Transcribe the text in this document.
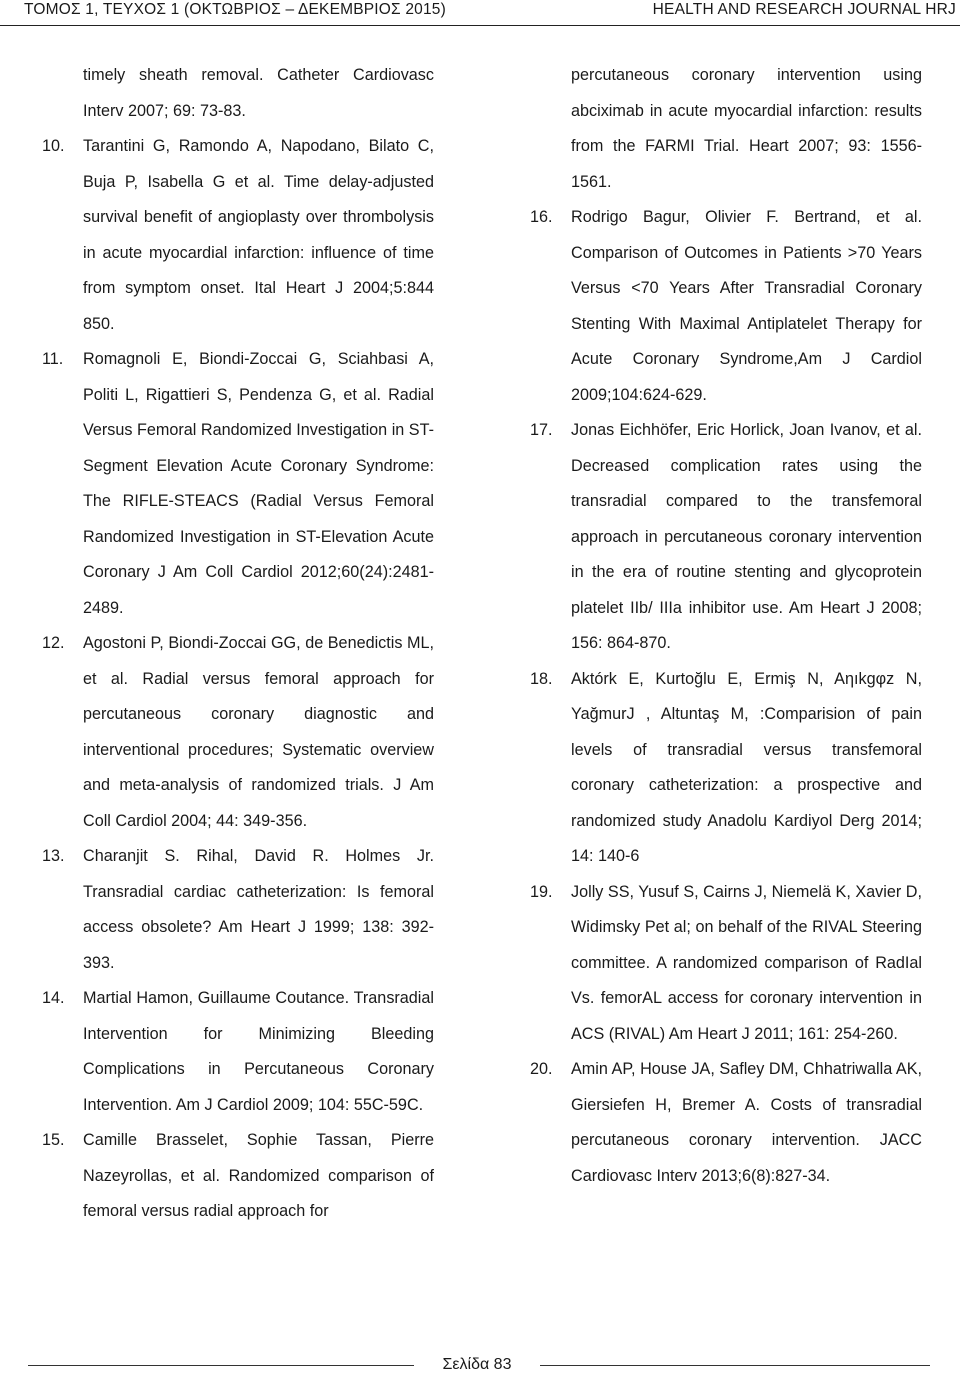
ΤΟΜΟΣ 1, ΤΕΥΧΟΣ 1 (ΟΚΤΩΒΡΙΟΣ – ΔΕΚΕΜΒΡΙΟΣ 2015)	HEALTH AND RESEARCH JOURNAL HRJ

timely sheath removal. Catheter Cardiovasc Interv 2007; 69: 73-83.

10. Tarantini G, Ramondo A, Napodano, Bilato C, Buja P, Isabella G et al. Time delay-adjusted survival benefit of angioplasty over thrombolysis in acute myocardial infarction: influence of time from symptom onset. Ital Heart J 2004;5:844 850.
11. Romagnoli E, Biondi-Zoccai G, Sciahbasi A, Politi L, Rigattieri S, Pendenza G, et al. Radial Versus Femoral Randomized Investigation in ST-Segment Elevation Acute Coronary Syndrome: The RIFLE-STEACS (Radial Versus Femoral Randomized Investigation in ST-Elevation Acute Coronary J Am Coll Cardiol 2012;60(24):2481-2489.
12. Agostoni P, Biondi-Zoccai GG, de Benedictis ML, et al. Radial versus femoral approach for percutaneous coronary diagnostic and interventional procedures; Systematic overview and meta-analysis of randomized trials. J Am Coll Cardiol 2004; 44: 349-356.
13. Charanjit S. Rihal, David R. Holmes Jr. Transradial cardiac catheterization: Is femoral access obsolete? Am Heart J 1999; 138: 392-393.
14. Martial Hamon, Guillaume Coutance. Transradial Intervention for Minimizing Bleeding Complications in Percutaneous Coronary Intervention. Am J Cardiol 2009; 104: 55C-59C.
15. Camille Brasselet, Sophie Tassan, Pierre Nazeyrollas, et al. Randomized comparison of femoral versus radial approach for

percutaneous coronary intervention using abciximab in acute myocardial infarction: results from the FARMI Trial. Heart 2007; 93: 1556-1561.

16. Rodrigo Bagur, Olivier F. Bertrand, et al. Comparison of Outcomes in Patients >70 Years Versus <70 Years After Transradial Coronary Stenting With Maximal Antiplatelet Therapy for Acute Coronary Syndrome,Am J Cardiol 2009;104:624-629.
17. Jonas Eichhöfer, Eric Horlick, Joan Ivanov, et al. Decreased complication rates using the transradial compared to the transfemoral approach in percutaneous coronary intervention in the era of routine stenting and glycoprotein platelet IIb/ IIIa inhibitor use. Am Heart J 2008; 156: 864-870.
18. Aktórk E, Kurtoğlu E, Ermiş N, Aηıkgφz N, YağmurJ , Altuntaş M, :Comparision of pain levels of transradial versus transfemoral coronary catheterization: a prospective and randomized study Anadolu Kardiyol Derg 2014; 14: 140-6
19. Jolly SS, Yusuf S, Cairns J, Niemelä K, Xavier D, Widimsky Pet al; on behalf of the RIVAL Steering committee. A randomized comparison of RadIal Vs. femorAL access for coronary intervention in ACS (RIVAL) Am Heart J 2011; 161: 254-260.
20. Amin AP, House JA, Safley DM, Chhatriwalla AK, Giersiefen H, Bremer A. Costs of transradial percutaneous coronary intervention. JACC Cardiovasc Interv 2013;6(8):827-34.
Σελίδα 83
